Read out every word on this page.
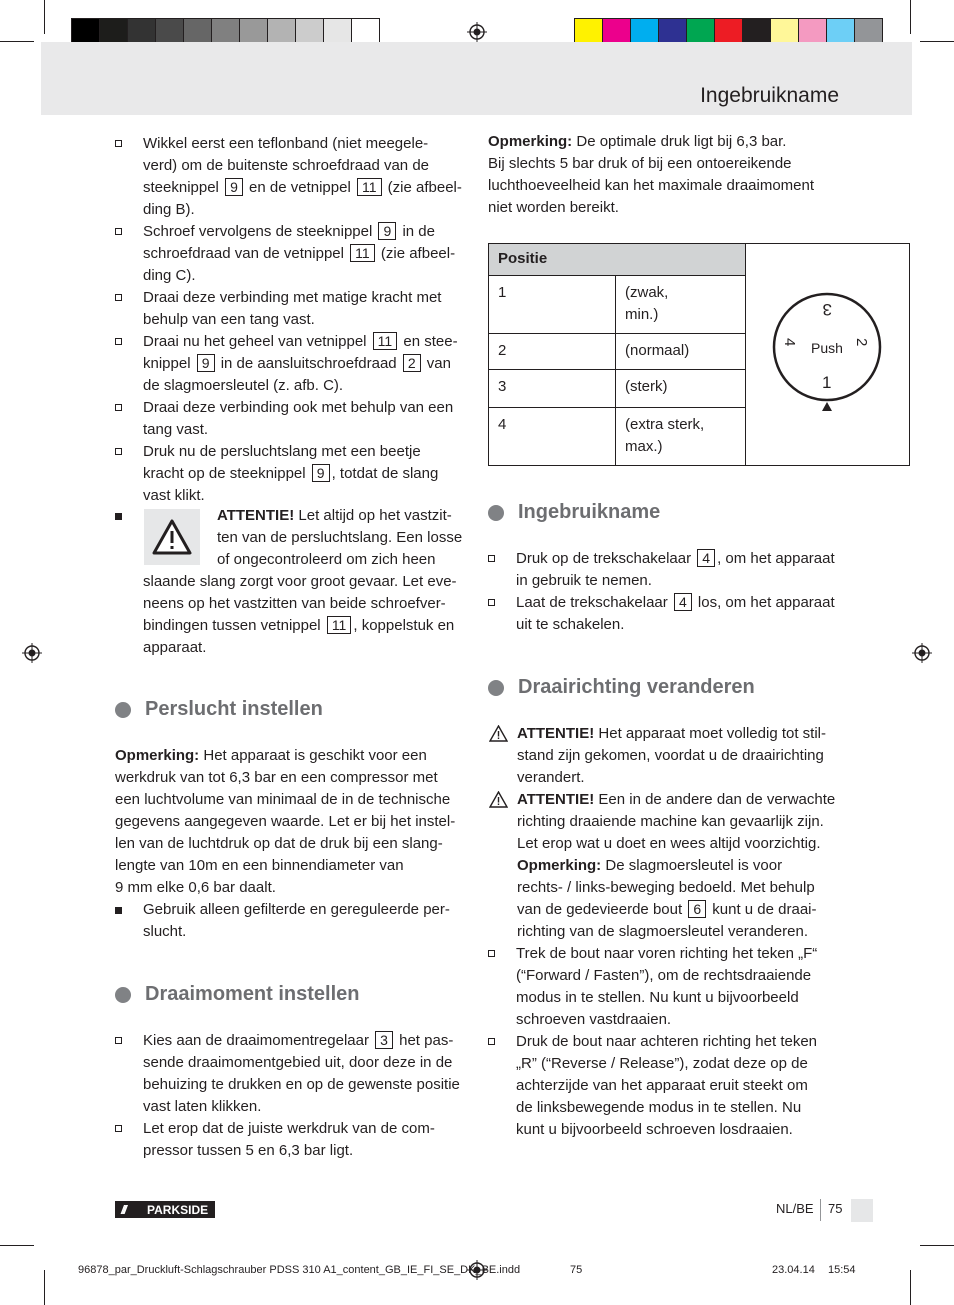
Ingebruikname

Wikkel eerst een teflonband (niet meegele-
verd) om de buitenste schroefdraad van de
steeknippel 9 en de vetnippel 11 (zie afbeel-
ding B).

Schroef vervolgens de steeknippel 9 in de
schroefdraad van de vetnippel 11 (zie afbeel-
ding C).

Draai deze verbinding met matige kracht met
behulp van een tang vast.

Draai nu het geheel van vetnippel 11 en stee-
knippel 9 in de aansluitschroefdraad 2 van
de slagmoersleutel (z. afb. C).

Draai deze verbinding ook met behulp van een
tang vast.

Druk nu de persluchtslang met een beetje
kracht op de steeknippel 9 , totdat de slang
vast klikt.

ATTENTIE! Let altijd op het vastzit-
ten van de persluchtslang. Een losse
of ongecontroleerd om zich heen
slaande slang zorgt voor groot gevaar. Let eve-
neens op het vastzitten van beide schroefver-
bindingen tussen vetnippel 11 , koppelstuk en
apparaat.
Perslucht instellen
Opmerking: Het apparaat is geschikt voor een
werkdruk van tot 6,3 bar en een compressor met
een luchtvolume van minimaal de in de technische
gegevens aangegeven waarde. Let er bij het instel-
len van de luchtdruk op dat de druk bij een slang-
lengte van 10m en een binnendiameter van
9 mm elke 0,6 bar daalt.

Gebruik alleen gefilterde en gereguleerde per-
slucht.

Draaimoment instellen

Kies aan de draaimomentregelaar 3 het pas-
sende draaimomentgebied uit, door deze in de
behuizing te drukken en op de gewenste positie
vast laten klikken.

Let erop dat de juiste werkdruk van de com-
pressor tussen 5 en 6,3 bar ligt.

Opmerking: De optimale druk ligt bij 6,3 bar.
Bij slechts 5 bar druk of bij een ontoereikende
luchthoeveelheid kan het maximale draaimoment
niet worden bereikt.
Positie		3
1
4 2
Push

1	(zwak,
min.)	
2	(normaal)	
3	(sterk)	
4	(extra sterk,
max.)	
Ingebruikname

Druk op de trekschakelaar 4 , om het apparaat
in gebruik te nemen.

Laat de trekschakelaar 4 los, om het apparaat
uit te schakelen.

Draairichting veranderen
ATTENTIE! Het apparaat moet volledig tot stil-
stand zijn gekomen, voordat u de draairichting
verandert.
ATTENTIE! Een in de andere dan de verwachte
richting draaiende machine kan gevaarlijk zijn.
Let erop wat u doet en wees altijd voorzichtig.
Opmerking: De slagmoersleutel is voor
rechts- / links-beweging bedoeld. Met behulp
van de gedevieerde bout 6 kunt u de draai-
richting van de slagmoersleutel veranderen.

Trek de bout naar voren richting het teken „F“
(“Forward / Fasten”), om de rechtsdraaiende
modus in te stellen. Nu kunt u bijvoorbeeld
schroeven vastdraaien.

Druk de bout naar achteren richting het teken
„R” (“Reverse / Release”), zodat deze op de
achterzijde van het apparaat eruit steekt om
de linksbewegende modus in te stellen. Nu
kunt u bijvoorbeeld schroeven losdraaien.

///	PARKSIDE	NL/BE 75
96878_par_Druckluft-Schlagschrauber PDSS 310 A1_content_GB_IE_FI_SE_DK_BE.indd	75	23.04.14 15:54
